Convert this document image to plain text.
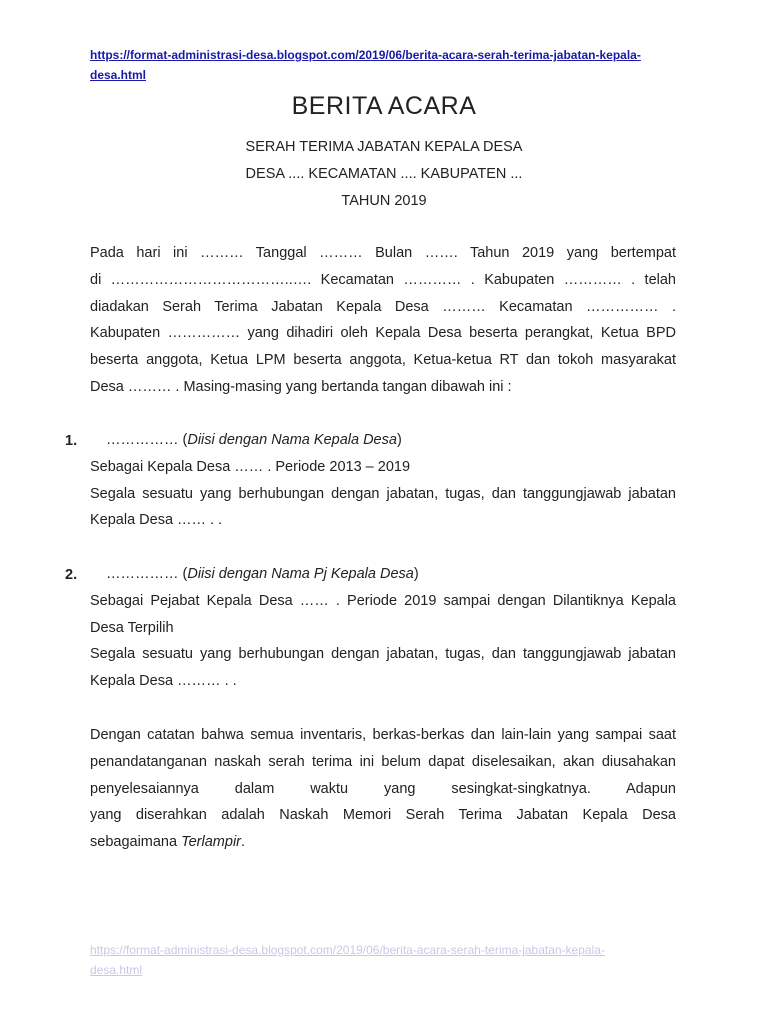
https://format-administrasi-desa.blogspot.com/2019/06/berita-acara-serah-terima-jabatan-kepala-
desa.html
BERITA ACARA
SERAH TERIMA JABATAN KEPALA DESA
DESA .... KECAMATAN .... KABUPATEN ...
TAHUN 2019
Pada hari ini ……… Tanggal ……… Bulan ……. Tahun 2019 yang bertempat
di ………………………………..…. Kecamatan ………… . Kabupaten ………… . telah
diadakan Serah Terima Jabatan Kepala Desa ……… Kecamatan …………… .
Kabupaten …………… yang dihadiri oleh Kepala Desa beserta perangkat, Ketua BPD
beserta anggota, Ketua LPM beserta anggota, Ketua-ketua RT dan tokoh masyarakat
Desa ……… . Masing-masing yang bertanda tangan dibawah ini :
1.	…………… (Diisi dengan Nama Kepala Desa)
Sebagai Kepala Desa …… . Periode 2013 – 2019
Segala sesuatu yang berhubungan dengan jabatan, tugas, dan tanggungjawab jabatan
Kepala Desa …… . .
2.	…………… (Diisi dengan Nama Pj Kepala Desa)
Sebagai Pejabat Kepala Desa …… . Periode 2019 sampai dengan Dilantiknya Kepala
Desa Terpilih
Segala sesuatu yang berhubungan dengan jabatan, tugas, dan tanggungjawab jabatan
Kepala Desa ……… . .
Dengan catatan bahwa semua inventaris, berkas-berkas dan lain-lain yang sampai saat
penandatanganan naskah serah terima ini belum dapat diselesaikan, akan diusahakan
penyelesaiannya dalam waktu yang sesingkat-singkatnya. Adapun
yang diserahkan adalah Naskah Memori Serah Terima Jabatan Kepala Desa
sebagaimana Terlampir.
https://format-administrasi-desa.blogspot.com/2019/06/berita-acara-serah-terima-jabatan-kepala-
desa.html
